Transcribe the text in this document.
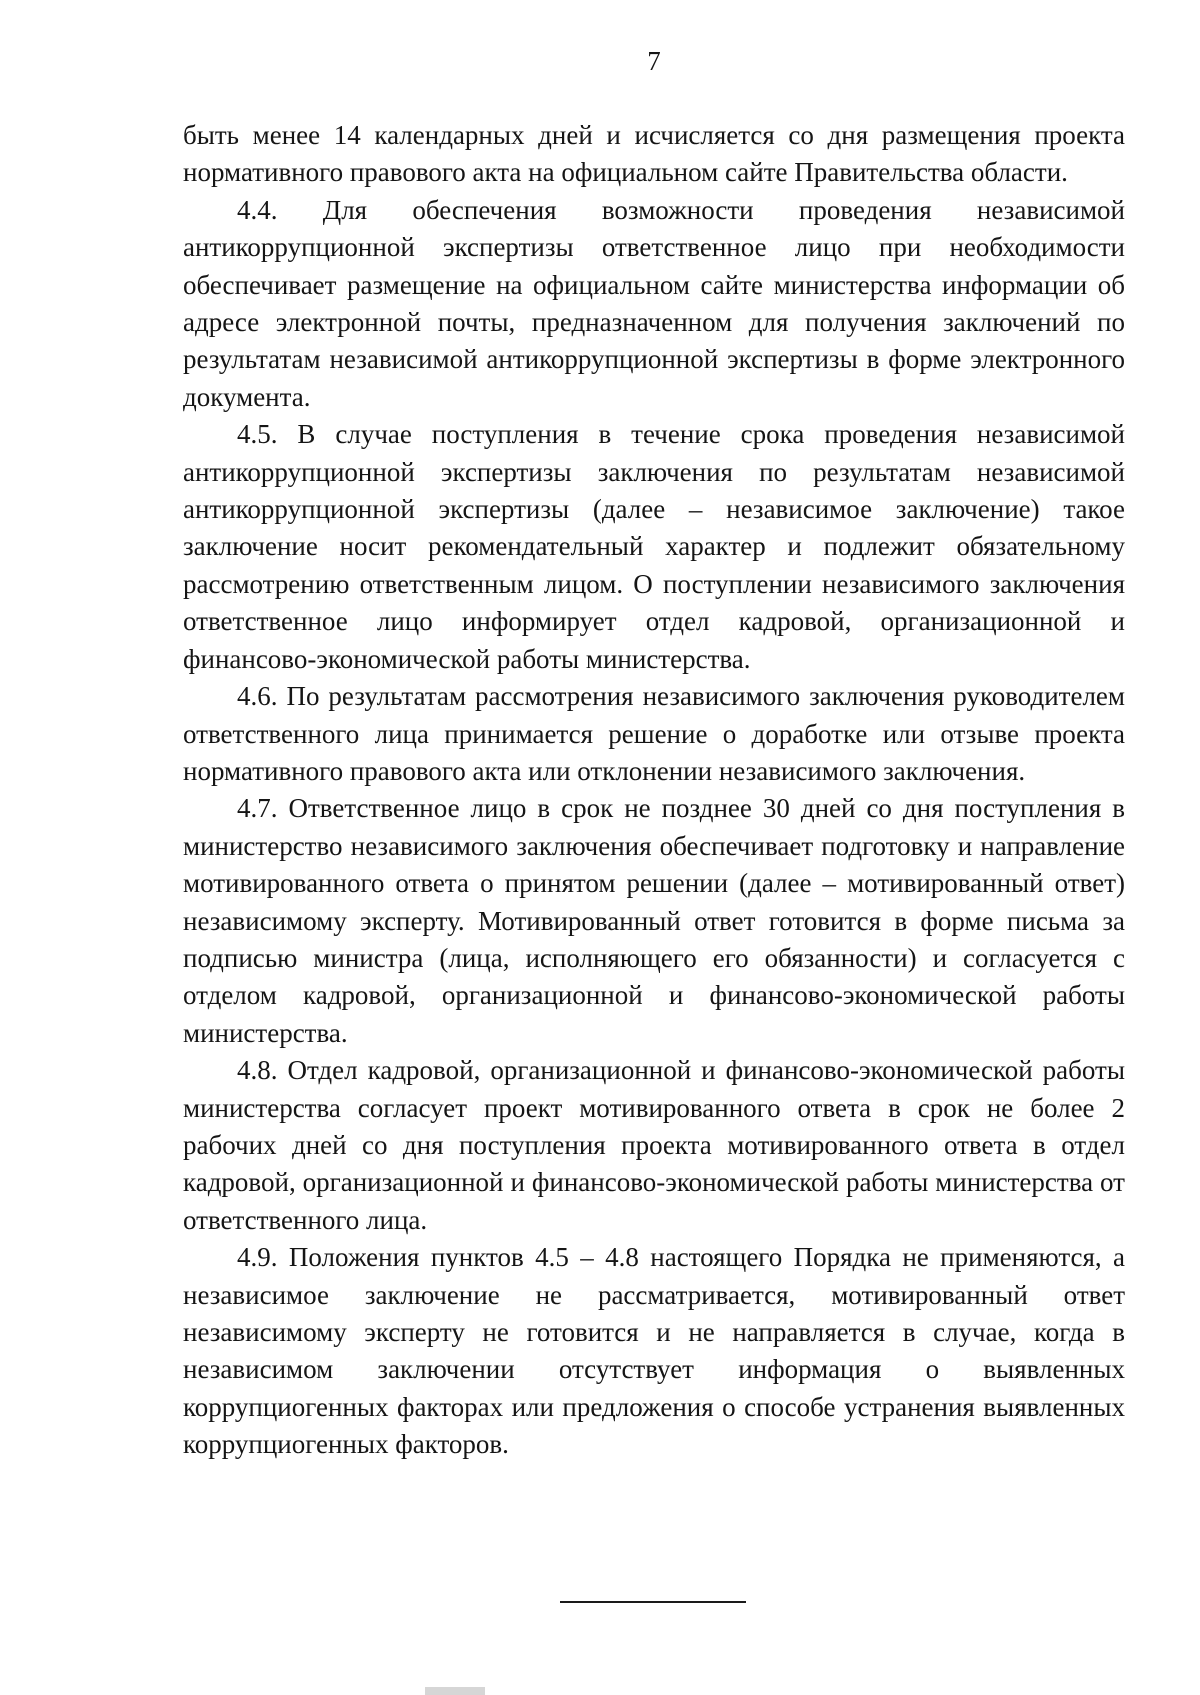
7

быть менее 14 календарных дней и исчисляется со дня размещения проекта нормативного правового акта на официальном сайте Правительства области.

4.4. Для обеспечения возможности проведения независимой антикоррупционной экспертизы ответственное лицо при необходимости обеспечивает размещение на официальном сайте министерства информации об адресе электронной почты, предназначенном для получения заключений по результатам независимой антикоррупционной экспертизы в форме электронного документа.

4.5. В случае поступления в течение срока проведения независимой антикоррупционной экспертизы заключения по результатам независимой антикоррупционной экспертизы (далее – независимое заключение) такое заключение носит рекомендательный характер и подлежит обязательному рассмотрению ответственным лицом. О поступлении независимого заключения ответственное лицо информирует отдел кадровой, организационной и финансово-экономической работы министерства.

4.6. По результатам рассмотрения независимого заключения руководителем ответственного лица принимается решение о доработке или отзыве проекта нормативного правового акта или отклонении независимого заключения.

4.7. Ответственное лицо в срок не позднее 30 дней со дня поступления в министерство независимого заключения обеспечивает подготовку и направление мотивированного ответа о принятом решении (далее – мотивированный ответ) независимому эксперту. Мотивированный ответ готовится в форме письма за подписью министра (лица, исполняющего его обязанности) и согласуется с отделом кадровой, организационной и финансово-экономической работы министерства.

4.8. Отдел кадровой, организационной и финансово-экономической работы министерства согласует проект мотивированного ответа в срок не более 2 рабочих дней со дня поступления проекта мотивированного ответа в отдел кадровой, организационной и финансово-экономической работы министерства от ответственного лица.

4.9. Положения пунктов 4.5 – 4.8 настоящего Порядка не применяются, а независимое заключение не рассматривается, мотивированный ответ независимому эксперту не готовится и не направляется в случае, когда в независимом заключении отсутствует информация о выявленных коррупциогенных факторах или предложения о способе устранения выявленных коррупциогенных факторов.
